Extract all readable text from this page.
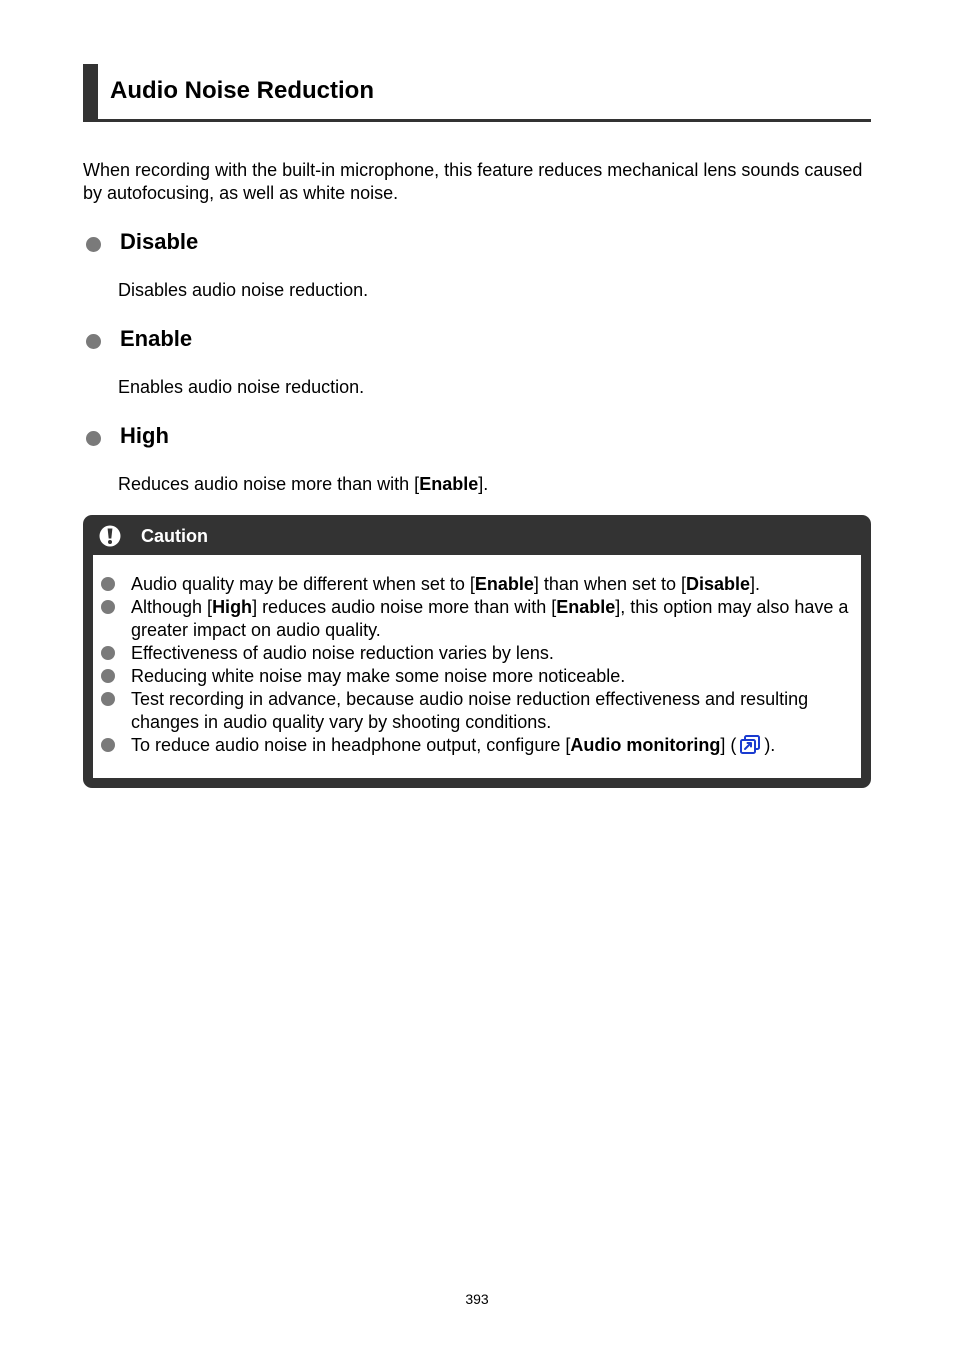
Audio Noise Reduction
When recording with the built-in microphone, this feature reduces mechanical lens sounds caused by autofocusing, as well as white noise.
Disable
Disables audio noise reduction.
Enable
Enables audio noise reduction.
High
Reduces audio noise more than with [Enable].
Caution
Audio quality may be different when set to [Enable] than when set to [Disable].
Although [High] reduces audio noise more than with [Enable], this option may also have a greater impact on audio quality.
Effectiveness of audio noise reduction varies by lens.
Reducing white noise may make some noise more noticeable.
Test recording in advance, because audio noise reduction effectiveness and resulting changes in audio quality vary by shooting conditions.
To reduce audio noise in headphone output, configure [Audio monitoring] ( ).
393
